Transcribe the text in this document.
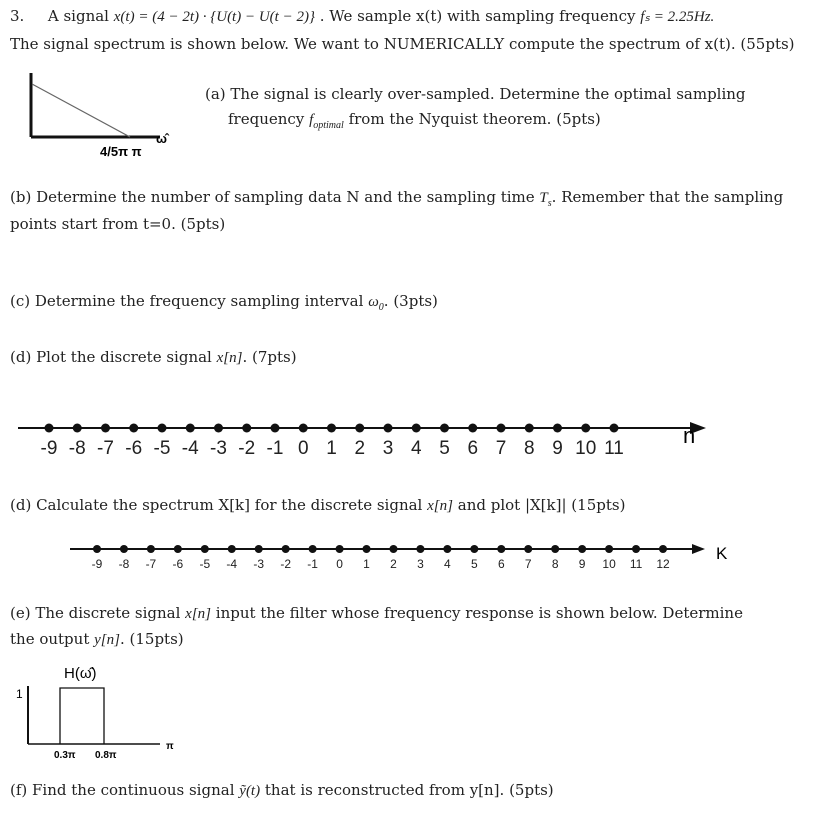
3. A signal x(t) = (4 − 2t) · {U(t) − U(t − 2)} . We sample x(t) with sampling frequency fₛ = 2.25Hz.
The signal spectrum is shown below. We want to NUMERICALLY compute the spectrum of x(t). (55pts)
4/5π π
ω̂
(a) The signal is clearly over-sampled. Determine the optimal sampling
frequency $f_{optimal}$ from the Nyquist theorem. (5pts)
(b) Determine the number of sampling data N and the sampling time $T_s$. Remember that the sampling
points start from t=0. (5pts)
(c) Determine the frequency sampling interval $\omega_0$. (3pts)
(d) Plot the discrete signal x[n]. (7pts)
n
-9 -8 -7 -6 -5 -4 -3 -2 -1 0 1 2 3 4 5 6 7 8 9 10 11
(d) Calculate the spectrum X[k] for the discrete signal x[n] and plot |X[k]| (15pts)
K
-9 -8 -7 -6 -5 -4 -3 -2 -1 0 1 2 3 4 5 6 7 8 9 10 11 12
(e) The discrete signal x[n] input the filter whose frequency response is shown below. Determine
the output y[n]. (15pts)
H(ω̂)
1
0.3π 0.8π
π
(f) Find the continuous signal ỹ(t) that is reconstructed from y[n]. (5pts)
